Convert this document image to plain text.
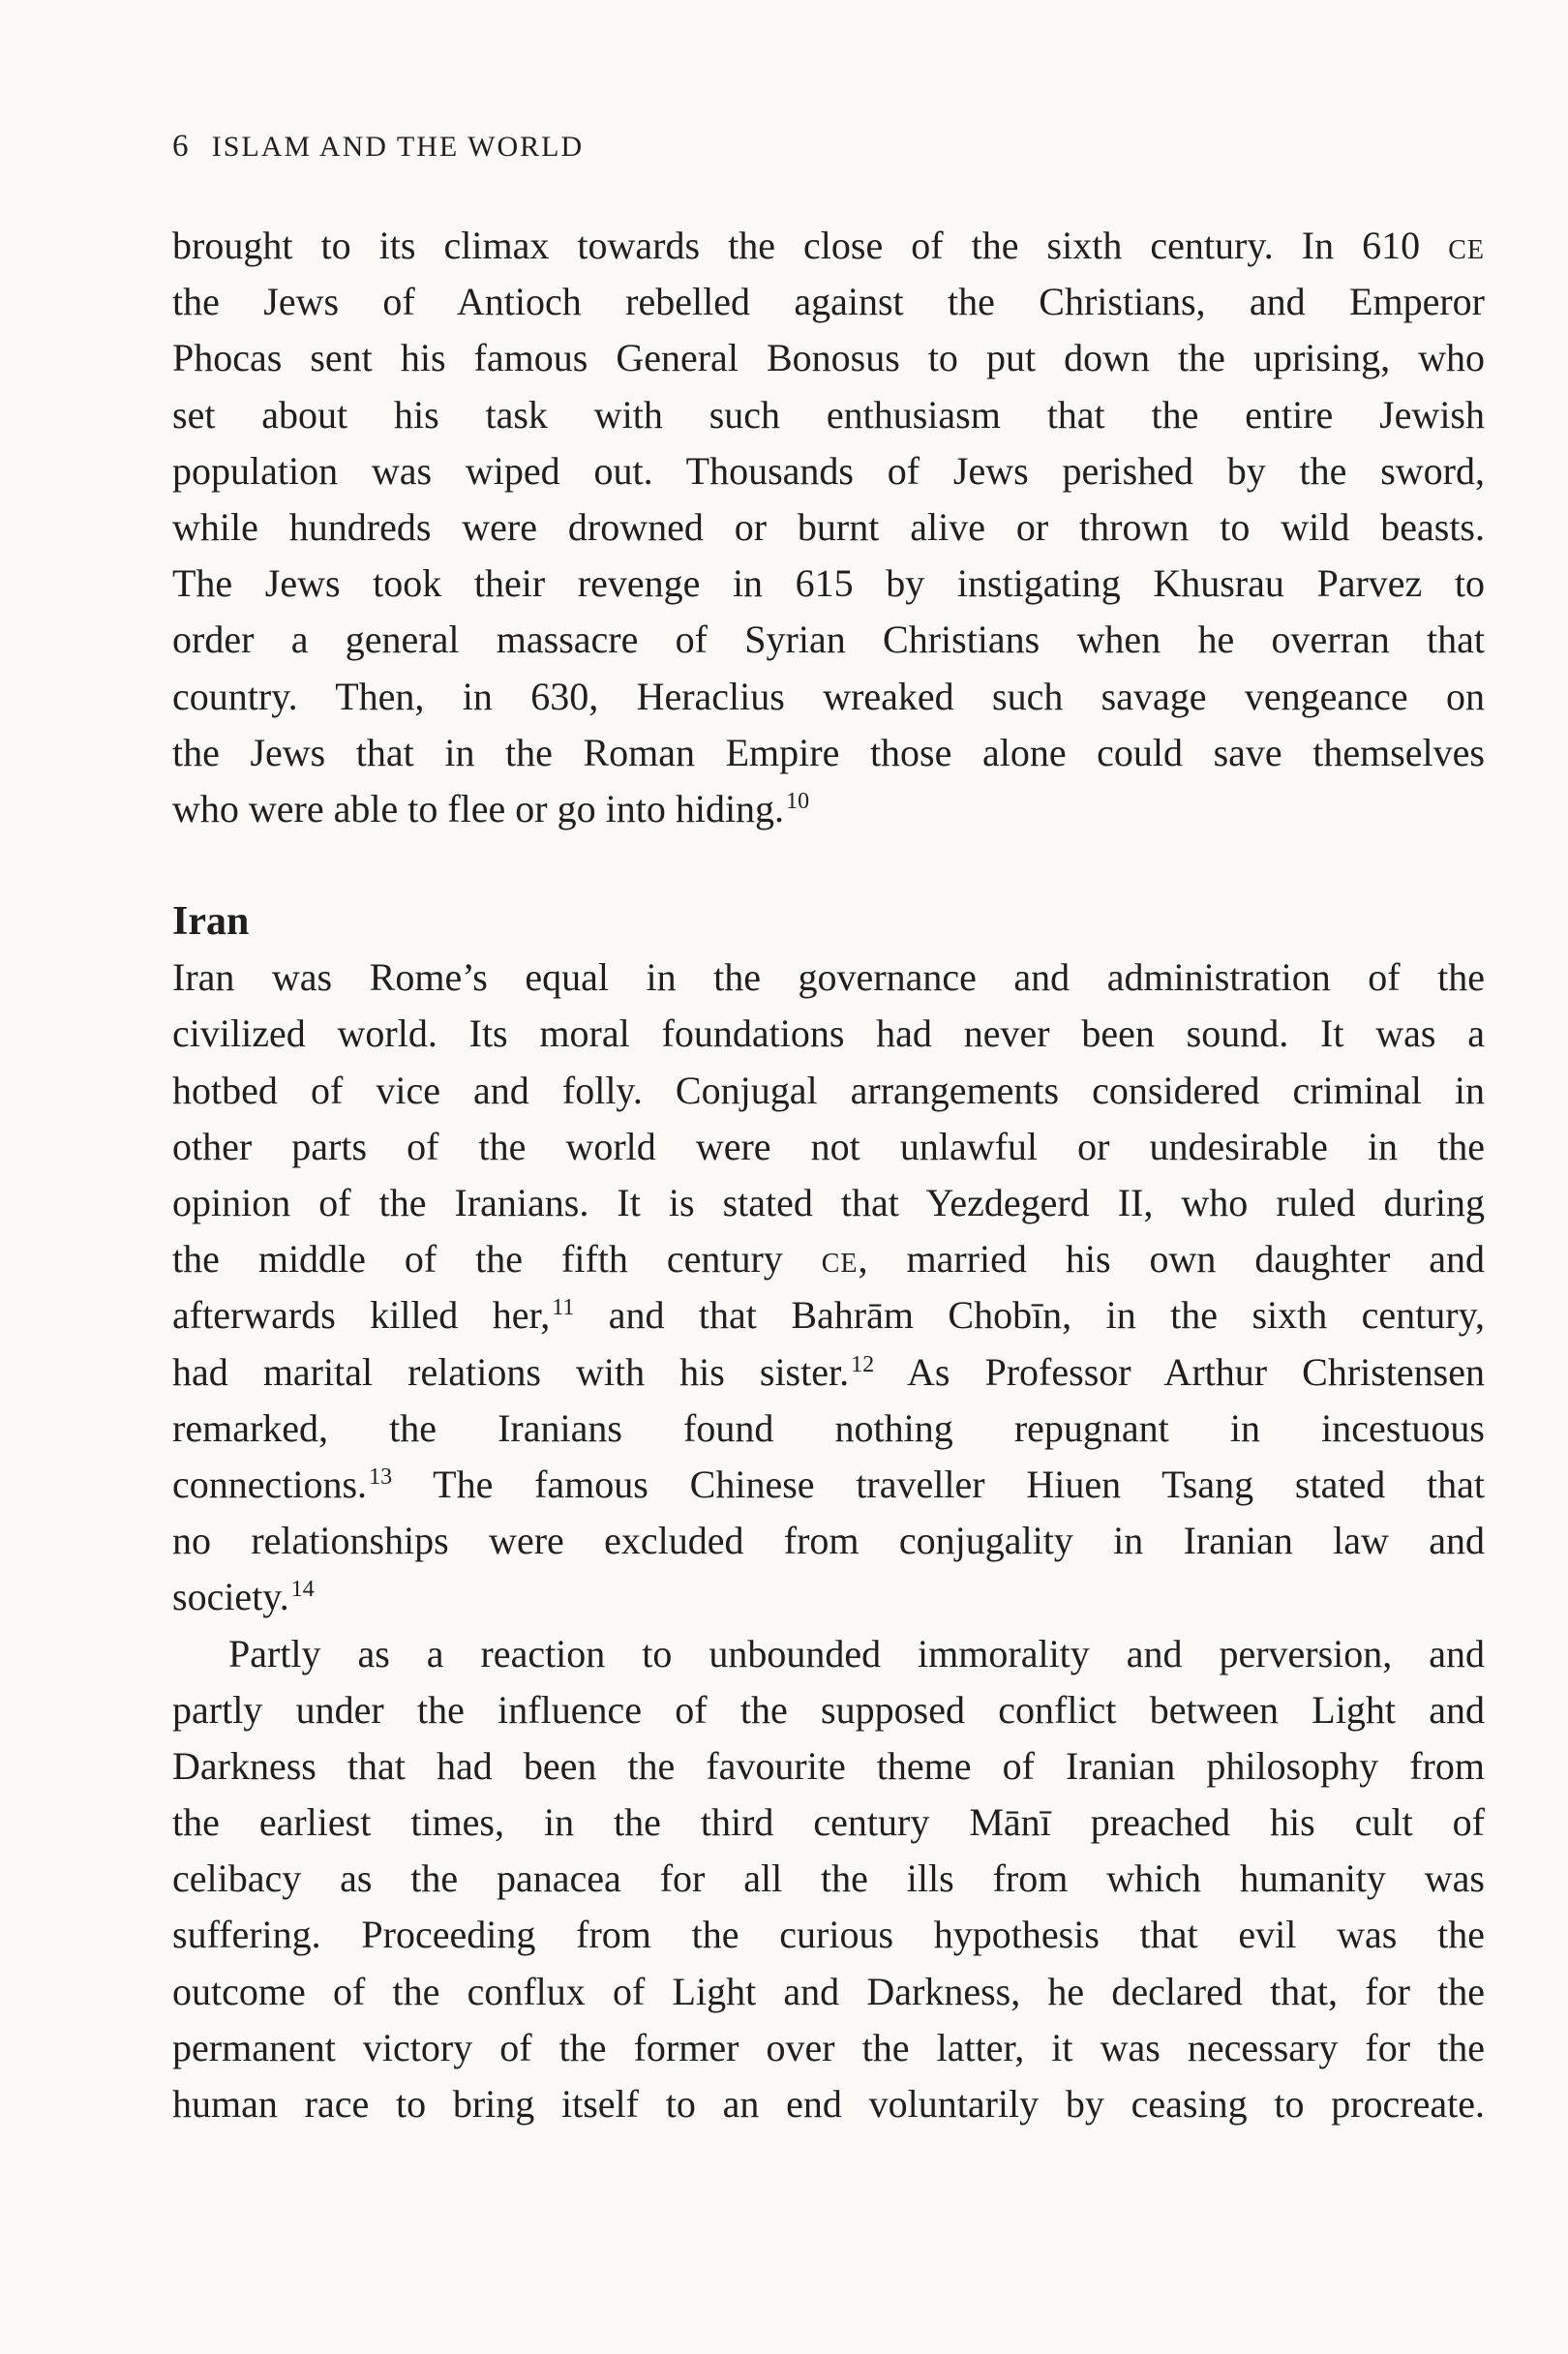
6 ISLAM AND THE WORLD
brought to its climax towards the close of the sixth century. In 610 CE
the Jews of Antioch rebelled against the Christians, and Emperor
Phocas sent his famous General Bonosus to put down the uprising, who
set about his task with such enthusiasm that the entire Jewish
population was wiped out. Thousands of Jews perished by the sword,
while hundreds were drowned or burnt alive or thrown to wild beasts.
The Jews took their revenge in 615 by instigating Khusrau Parvez to
order a general massacre of Syrian Christians when he overran that
country. Then, in 630, Heraclius wreaked such savage vengeance on
the Jews that in the Roman Empire those alone could save themselves
who were able to flee or go into hiding.$^{10}$
Iran
Iran was Rome’s equal in the governance and administration of the
civilized world. Its moral foundations had never been sound. It was a
hotbed of vice and folly. Conjugal arrangements considered criminal in
other parts of the world were not unlawful or undesirable in the
opinion of the Iranians. It is stated that Yezdegerd II, who ruled during
the middle of the fifth century CE, married his own daughter and
afterwards killed her,$^{11}$ and that Bahrām Chobīn, in the sixth century,
had marital relations with his sister.$^{12}$ As Professor Arthur Christensen
remarked, the Iranians found nothing repugnant in incestuous
connections.$^{13}$ The famous Chinese traveller Hiuen Tsang stated that
no relationships were excluded from conjugality in Iranian law and
society.$^{14}$
Partly as a reaction to unbounded immorality and perversion, and
partly under the influence of the supposed conflict between Light and
Darkness that had been the favourite theme of Iranian philosophy from
the earliest times, in the third century Mānī preached his cult of
celibacy as the panacea for all the ills from which humanity was
suffering. Proceeding from the curious hypothesis that evil was the
outcome of the conflux of Light and Darkness, he declared that, for the
permanent victory of the former over the latter, it was necessary for the
human race to bring itself to an end voluntarily by ceasing to procreate.
